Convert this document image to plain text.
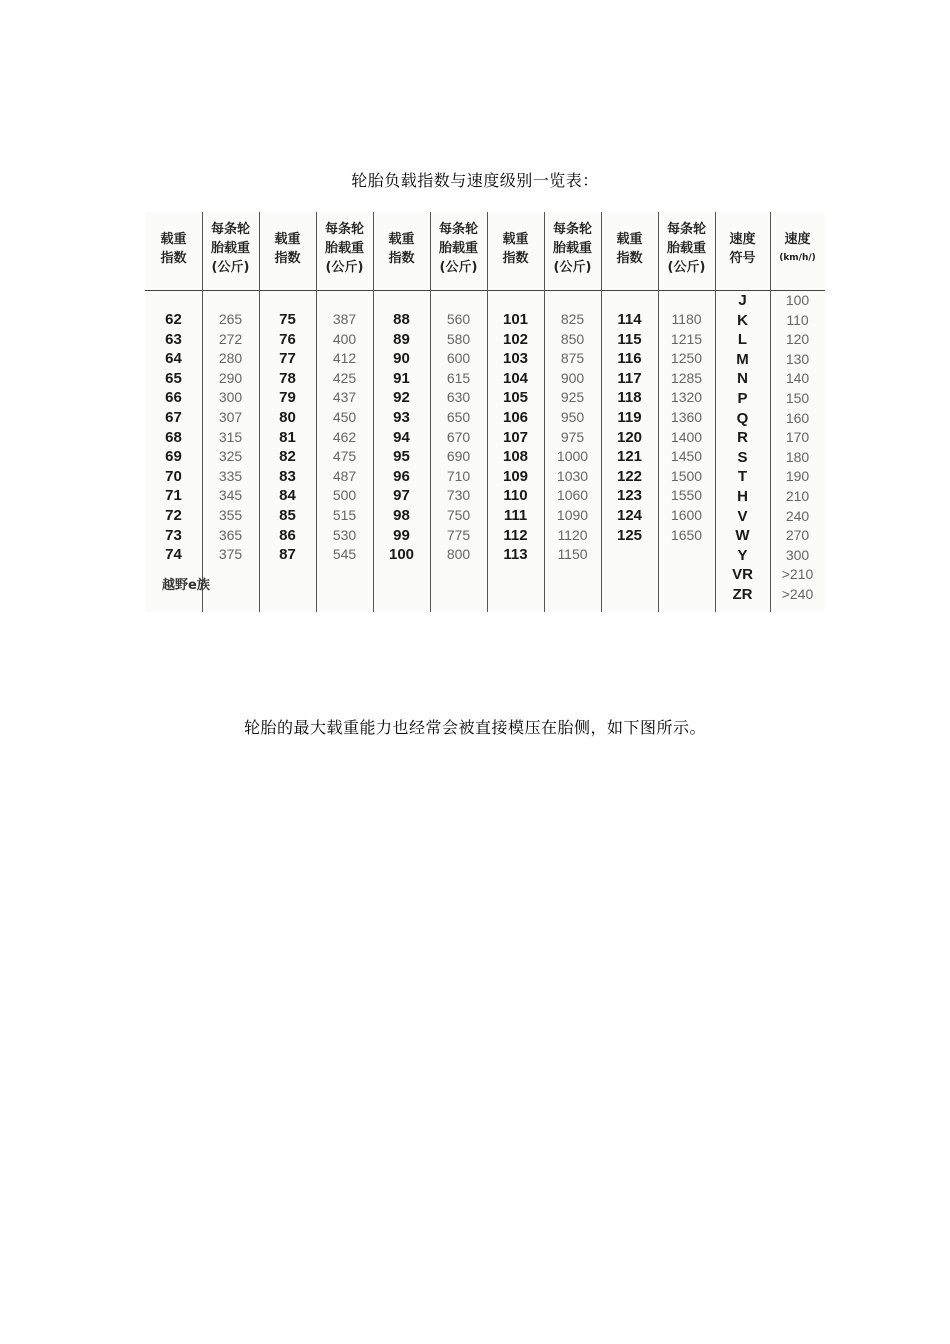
轮胎负载指数与速度级别一览表：
载重
指数
62
63
64
65
66
67
68
69
70
71
72
73
74
每条轮
胎载重
(公斤)
265
272
280
290
300
307
315
325
335
345
355
365
375
载重
指数
75
76
77
78
79
80
81
82
83
84
85
86
87
每条轮
胎载重
(公斤)
387
400
412
425
437
450
462
475
487
500
515
530
545
载重
指数
88
89
90
91
92
93
94
95
96
97
98
99
100
每条轮
胎载重
(公斤)
560
580
600
615
630
650
670
690
710
730
750
775
800
载重
指数
101
102
103
104
105
106
107
108
109
110
111
112
113
每条轮
胎载重
(公斤)
825
850
875
900
925
950
975
1000
1030
1060
1090
1120
1150
载重
指数
114
115
116
117
118
119
120
121
122
123
124
125
每条轮
胎载重
(公斤)
1180
1215
1250
1285
1320
1360
1400
1450
1500
1550
1600
1650
速度
符号
J
K
L
M
N
P
Q
R
S
T
H
V
W
Y
VR
ZR
速度
(km/h/)
100
110
120
130
140
150
160
170
180
190
210
240
270
300
>210
>240
越野e族
轮胎的最大载重能力也经常会被直接模压在胎侧，如下图所示。
